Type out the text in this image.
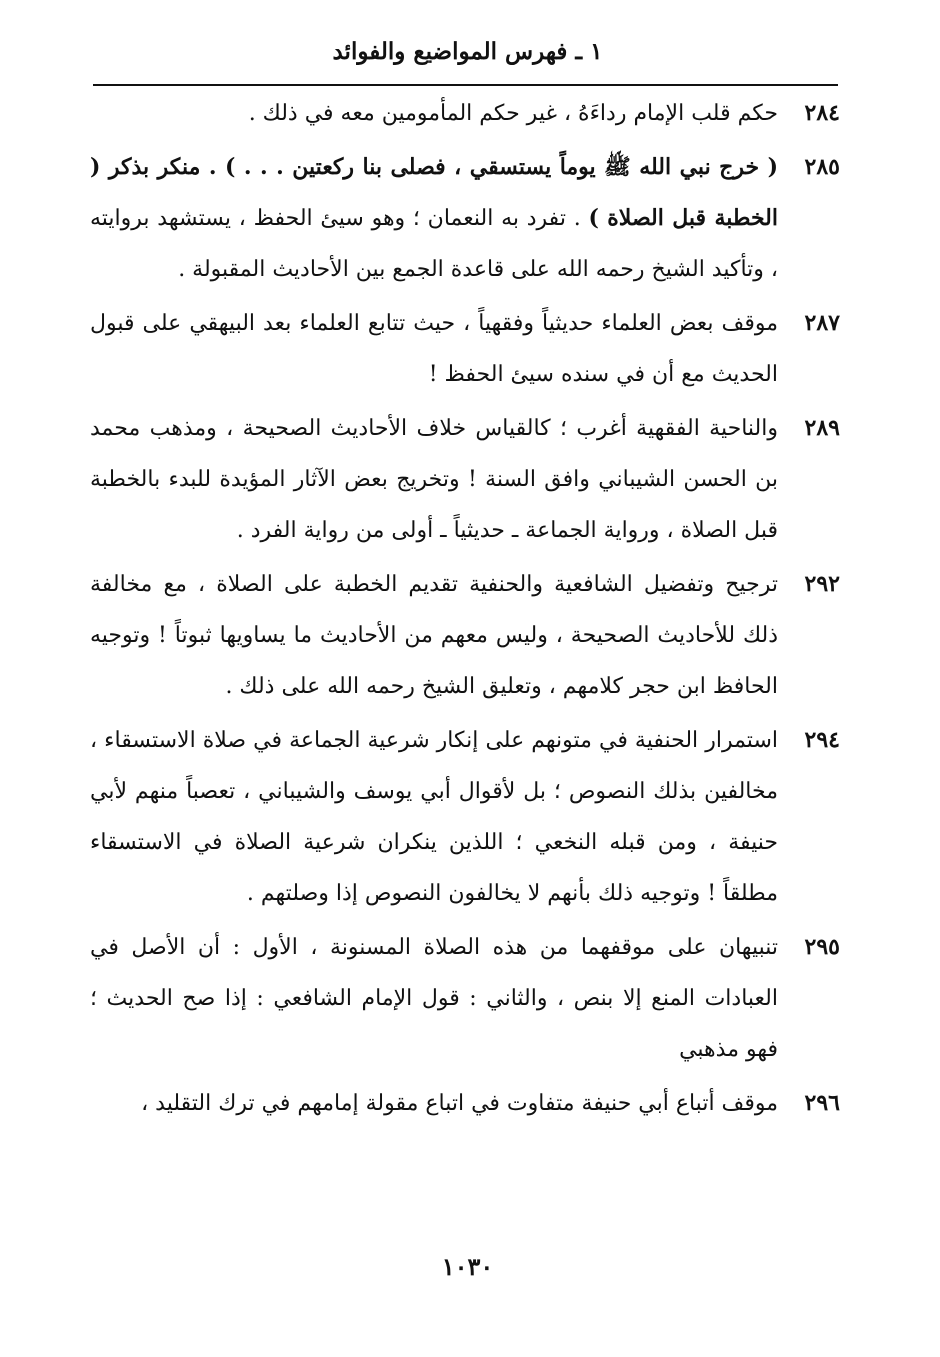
١ ـ فهرس المواضيع والفوائد
٢٨٤
حكم قلب الإمام رداءَهُ ، غير حكم المأمومين معه في ذلك .
٢٨٥
( خرج نبي الله ﷺ يوماً يستسقي ، فصلى بنا ركعتين . . . ) . منكر بذكر ( الخطبة قبل الصلاة ) . تفرد به النعمان ؛ وهو سيئ الحفظ ، يستشهد بروايته ، وتأكيد الشيخ رحمه الله على قاعدة الجمع بين الأحاديث المقبولة .
٢٨٧
موقف بعض العلماء حديثياً وفقهياً ، حيث تتابع العلماء بعد البيهقي على قبول الحديث مع أن في سنده سيئ الحفظ !
٢٨٩
والناحية الفقهية أغرب ؛ كالقياس خلاف الأحاديث الصحيحة ، ومذهب محمد بن الحسن الشيباني وافق السنة ! وتخريج بعض الآثار المؤيدة للبدء بالخطبة قبل الصلاة ، ورواية الجماعة ـ حديثياً ـ أولى من رواية الفرد .
٢٩٢
ترجيح وتفضيل الشافعية والحنفية تقديم الخطبة على الصلاة ، مع مخالفة ذلك للأحاديث الصحيحة ، وليس معهم من الأحاديث ما يساويها ثبوتاً ! وتوجيه الحافظ ابن حجر كلامهم ، وتعليق الشيخ رحمه الله على ذلك .
٢٩٤
استمرار الحنفية في متونهم على إنكار شرعية الجماعة في صلاة الاستسقاء ، مخالفين بذلك النصوص ؛ بل لأقوال أبي يوسف والشيباني ، تعصباً منهم لأبي حنيفة ، ومن قبله النخعي ؛ اللذين ينكران شرعية الصلاة في الاستسقاء مطلقاً ! وتوجيه ذلك بأنهم لا يخالفون النصوص إذا وصلتهم .
٢٩٥
تنبيهان على موقفهما من هذه الصلاة المسنونة ، الأول : أن الأصل في العبادات المنع إلا بنص ، والثاني : قول الإمام الشافعي : إذا صح الحديث ؛ فهو مذهبي
٢٩٦
موقف أتباع أبي حنيفة متفاوت في اتباع مقولة إمامهم في ترك التقليد ،
١٠٣٠
